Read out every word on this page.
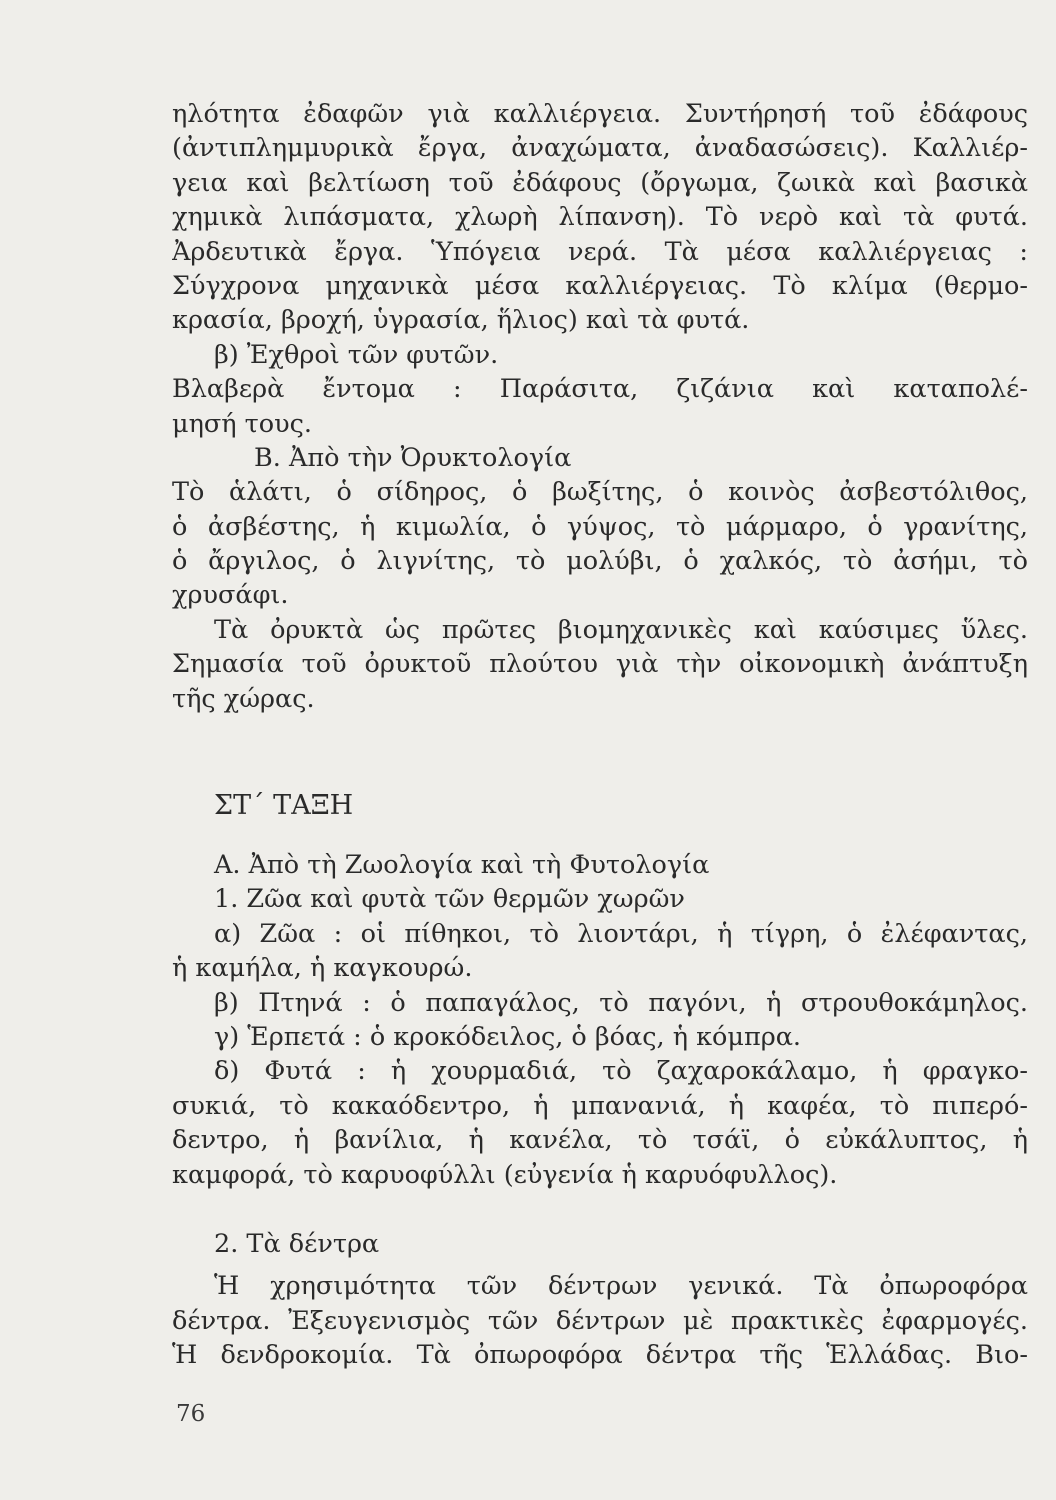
ηλότητα ἐδαφῶν γιὰ καλλιέργεια. Συντήρησή τοῦ ἐδάφους
(ἀντιπλημμυρικὰ ἔργα, ἀναχώματα, ἀναδασώσεις). Καλλιέρ-
γεια καὶ βελτίωση τοῦ ἐδάφους (ὄργωμα, ζωικὰ καὶ βασικὰ
χημικὰ λιπάσματα, χλωρὴ λίπανση). Τὸ νερὸ καὶ τὰ φυτά.
Ἀρδευτικὰ ἔργα. Ὑπόγεια νερά. Τὰ μέσα καλλιέργειας :
Σύγχρονα μηχανικὰ μέσα καλλιέργειας. Τὸ κλίμα (θερμο-
κρασία, βροχή, ὑγρασία, ἥλιος) καὶ τὰ φυτά.
β) Ἐχθροὶ τῶν φυτῶν.
Βλαβερὰ ἔντομα : Παράσιτα, ζιζάνια καὶ καταπολέ-
μησή τους.
Β. Ἀπὸ τὴν Ὀρυκτολογία
Τὸ ἁλάτι, ὁ σίδηρος, ὁ βωξίτης, ὁ κοινὸς ἀσβεστόλιθος,
ὁ ἀσβέστης, ἡ κιμωλία, ὁ γύψος, τὸ μάρμαρο, ὁ γρανίτης,
ὁ ἄργιλος, ὁ λιγνίτης, τὸ μολύβι, ὁ χαλκός, τὸ ἀσήμι, τὸ
χρυσάφι.
Τὰ ὀρυκτὰ ὡς πρῶτες βιομηχανικὲς καὶ καύσιμες ὕλες.
Σημασία τοῦ ὀρυκτοῦ πλούτου γιὰ τὴν οἰκονομικὴ ἀνάπτυξη
τῆς χώρας.
ΣΤ΄ ΤΑΞΗ
Α. Ἀπὸ τὴ Ζωολογία καὶ τὴ Φυτολογία
1. Ζῶα καὶ φυτὰ τῶν θερμῶν χωρῶν
α) Ζῶα : οἱ πίθηκοι, τὸ λιοντάρι, ἡ τίγρη, ὁ ἐλέφαντας,
ἡ καμήλα, ἡ καγκουρώ.
β) Πτηνά : ὁ παπαγάλος, τὸ παγόνι, ἡ στρουθοκάμηλος.
γ) Ἑρπετά : ὁ κροκόδειλος, ὁ βόας, ἡ κόμπρα.
δ) Φυτά : ἡ χουρμαδιά, τὸ ζαχαροκάλαμο, ἡ φραγκο-
συκιά, τὸ κακαόδεντρο, ἡ μπανανιά, ἡ καφέα, τὸ πιπερό-
δεντρο, ἡ βανίλια, ἡ κανέλα, τὸ τσάϊ, ὁ εὐκάλυπτος, ἡ
καμφορά, τὸ καρυοφύλλι (εὐγενία ἡ καρυόφυλλος).
2. Τὰ δέντρα
Ἡ χρησιμότητα τῶν δέντρων γενικά. Τὰ ὀπωροφόρα
δέντρα. Ἐξευγενισμὸς τῶν δέντρων μὲ πρακτικὲς ἐφαρμογές.
Ἡ δενδροκομία. Τὰ ὀπωροφόρα δέντρα τῆς Ἑλλάδας. Βιο-
76
